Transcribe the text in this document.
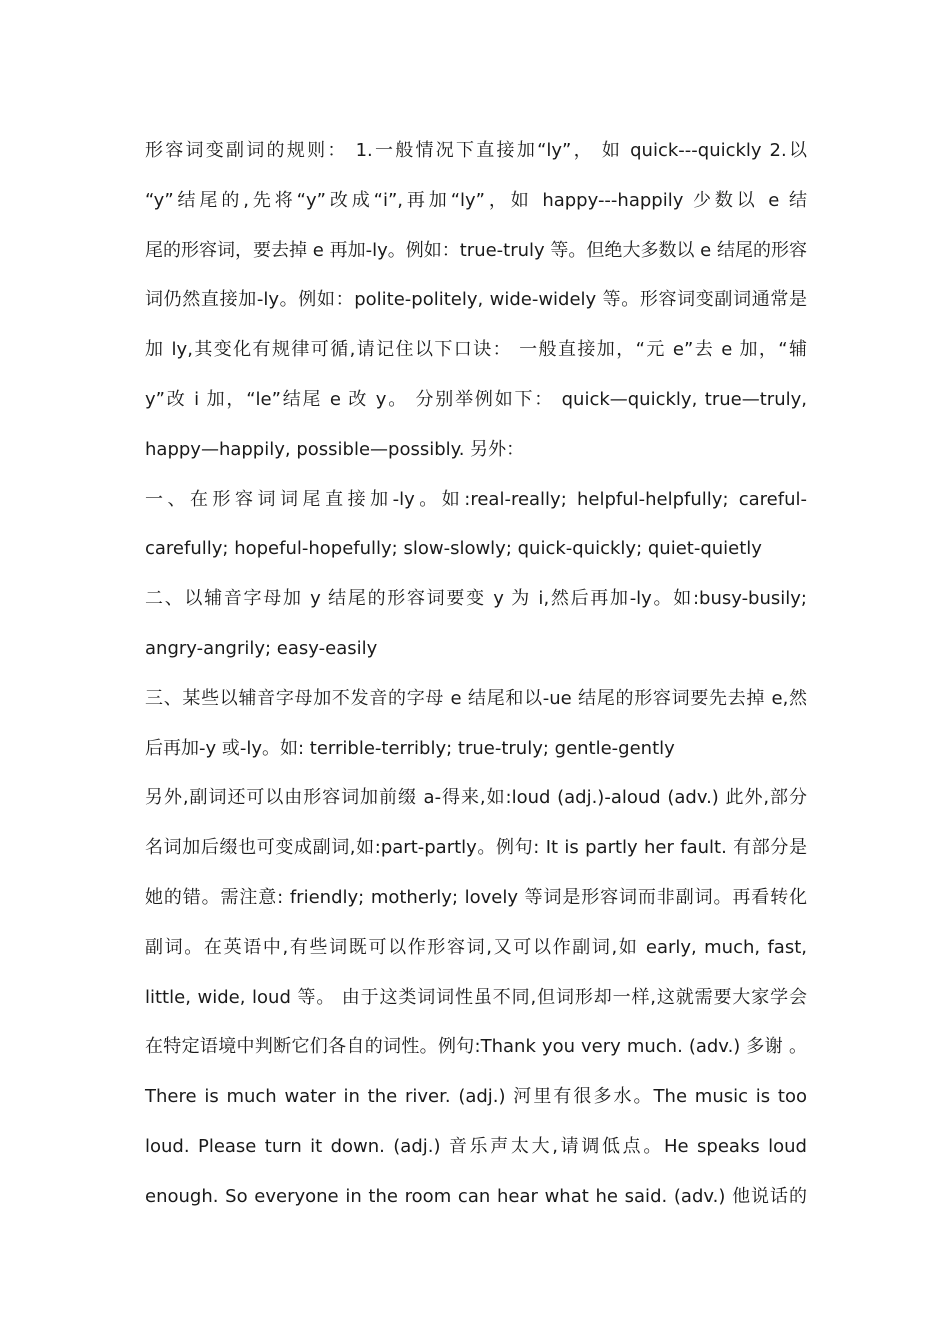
形容词变副词的规则： 1.一般情况下直接加“ly”， 如 quick---quickly 2.以
“y”结尾的,先将“y”改成“i”,再加“ly”，如 happy---happily 少数以 e 结
尾的形容词，要去掉 e 再加-ly。例如：true-truly 等。但绝大多数以 e 结尾的形容
词仍然直接加-ly。例如：polite-politely, wide-widely 等。形容词变副词通常是
加 ly,其变化有规律可循,请记住以下口诀： 一般直接加，“元 e”去 e 加，“辅
y”改 i 加，“le”结尾 e 改 y。 分别举例如下： quick—quickly, true—truly,
happy—happily, possible—possibly. 另外：
一、在形容词词尾直接加-ly。如:real-really; helpful-helpfully; careful-
carefully; hopeful-hopefully; slow-slowly; quick-quickly; quiet-quietly
二、以辅音字母加 y 结尾的形容词要变 y 为 i,然后再加-ly。如:busy-busily;
angry-angrily; easy-easily
三、某些以辅音字母加不发音的字母 e 结尾和以-ue 结尾的形容词要先去掉 e,然
后再加-y 或-ly。如: terrible-terribly; true-truly; gentle-gently
另外,副词还可以由形容词加前缀 a-得来,如:loud (adj.)-aloud (adv.) 此外,部分
名词加后缀也可变成副词,如:part-partly。例句: It is partly her fault. 有部分是
她的错。需注意: friendly; motherly; lovely 等词是形容词而非副词。再看转化
副词。在英语中,有些词既可以作形容词,又可以作副词,如 early, much, fast,
little, wide, loud 等。 由于这类词词性虽不同,但词形却一样,这就需要大家学会
在特定语境中判断它们各自的词性。例句:Thank you very much. (adv.) 多谢 。
There is much water in the river. (adj.) 河里有很多水。The music is too
loud. Please turn it down. (adj.) 音乐声太大,请调低点。He speaks loud
enough. So everyone in the room can hear what he said. (adv.) 他说话的
